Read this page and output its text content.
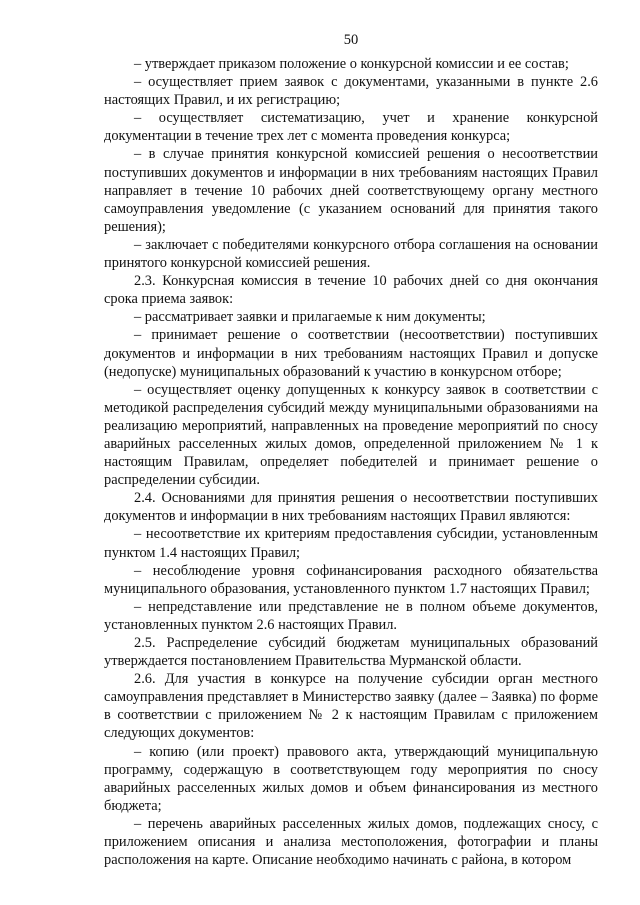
50

– утверждает приказом положение о конкурсной комиссии и ее состав;

– осуществляет прием заявок с документами, указанными в пункте 2.6 настоящих Правил, и их регистрацию;

– осуществляет систематизацию, учет и хранение конкурсной документации в течение трех лет с момента проведения конкурса;

– в случае принятия конкурсной комиссией решения о несоответствии поступивших документов и информации в них требованиям настоящих Правил направляет в течение 10 рабочих дней соответствующему органу местного самоуправления уведомление (с указанием оснований для принятия такого решения);

– заключает с победителями конкурсного отбора соглашения на основании принятого конкурсной комиссией решения.

2.3. Конкурсная комиссия в течение 10 рабочих дней со дня окончания срока приема заявок:

– рассматривает заявки и прилагаемые к ним документы;

– принимает решение о соответствии (несоответствии) поступивших документов и информации в них требованиям настоящих Правил и допуске (недопуске) муниципальных образований к участию в конкурсном отборе;

– осуществляет оценку допущенных к конкурсу заявок в соответствии с методикой распределения субсидий между муниципальными образованиями на реализацию мероприятий, направленных на проведение мероприятий по сносу аварийных расселенных жилых домов, определенной приложением № 1 к настоящим Правилам, определяет победителей и принимает решение о распределении субсидии.

2.4. Основаниями для принятия решения о несоответствии поступивших документов и информации в них требованиям настоящих Правил являются:

– несоответствие их критериям предоставления субсидии, установленным пунктом 1.4 настоящих Правил;

– несоблюдение уровня софинансирования расходного обязательства муниципального образования, установленного пунктом 1.7 настоящих Правил;

– непредставление или представление не в полном объеме документов, установленных пунктом 2.6 настоящих Правил.

2.5. Распределение субсидий бюджетам муниципальных образований утверждается постановлением Правительства Мурманской области.

2.6. Для участия в конкурсе на получение субсидии орган местного самоуправления представляет в Министерство заявку (далее – Заявка) по форме в соответствии с приложением № 2 к настоящим Правилам с приложением следующих документов:

– копию (или проект) правового акта, утверждающий муниципальную программу, содержащую в соответствующем году мероприятия по сносу аварийных расселенных жилых домов и объем финансирования из местного бюджета;

– перечень аварийных расселенных жилых домов, подлежащих сносу, с приложением описания и анализа местоположения, фотографии и планы расположения на карте. Описание необходимо начинать с района, в котором
